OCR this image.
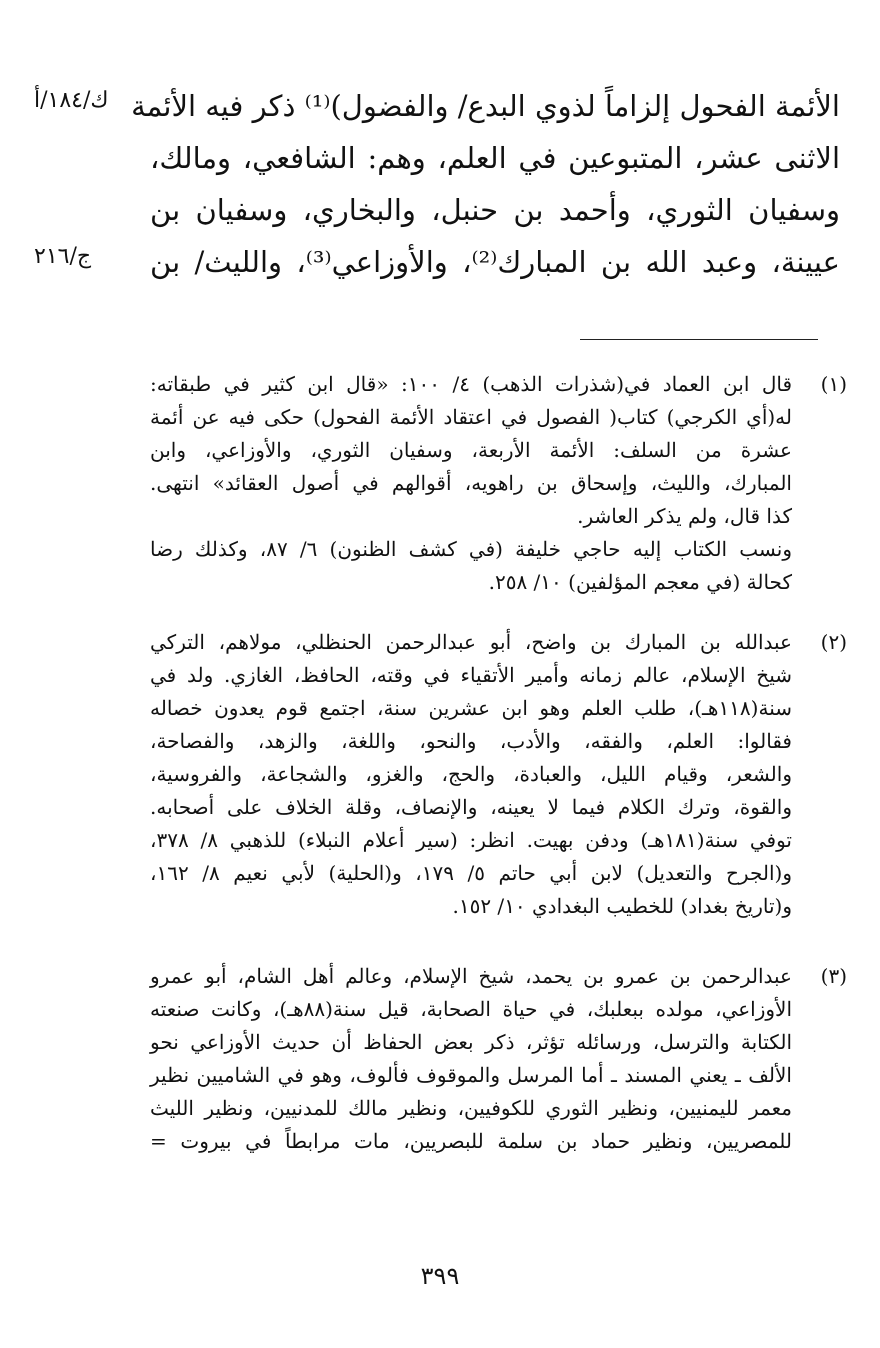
ك/١٨٤/أ
ج/٢١٦
الأئمة الفحول إلزاماً لذوي البدع/ والفضول)⁽¹⁾ ذكر فيه الأئمة
الاثنى عشر، المتبوعين في العلم، وهم: الشافعي، ومالك،
وسفيان الثوري، وأحمد بن حنبل، والبخاري، وسفيان بن
عيينة، وعبد الله بن المبارك⁽²⁾، والأوزاعي⁽³⁾، والليث/ بن
(١)
قال ابن العماد في(شذرات الذهب) ٤/ ١٠٠: «قال ابن كثير في طبقاته:
له(أي الكرجي) كتاب( الفصول في اعتقاد الأئمة الفحول) حكى فيه عن أئمة
عشرة من السلف: الأئمة الأربعة، وسفيان الثوري، والأوزاعي، وابن
المبارك، والليث، وإسحاق بن راهويه، أقوالهم في أصول العقائد» انتهى.
كذا قال، ولم يذكر العاشر.
ونسب الكتاب إليه حاجي خليفة (في كشف الظنون) ٦/ ٨٧، وكذلك رضا
كحالة (في معجم المؤلفين) ١٠/ ٢٥٨.
(٢)
عبدالله بن المبارك بن واضح، أبو عبدالرحمن الحنظلي، مولاهم، التركي
شيخ الإسلام، عالم زمانه وأمير الأتقياء في وقته، الحافظ، الغازي. ولد في
سنة(١١٨هـ)، طلب العلم وهو ابن عشرين سنة، اجتمع قوم يعدون خصاله
فقالوا: العلم، والفقه، والأدب، والنحو، واللغة، والزهد، والفصاحة،
والشعر، وقيام الليل، والعبادة، والحج، والغزو، والشجاعة، والفروسية،
والقوة، وترك الكلام فيما لا يعينه، والإنصاف، وقلة الخلاف على أصحابه.
توفي سنة(١٨١هـ) ودفن بهيت. انظر: (سير أعلام النبلاء) للذهبي ٨/ ٣٧٨،
و(الجرح والتعديل) لابن أبي حاتم ٥/ ١٧٩، و(الحلية) لأبي نعيم ٨/ ١٦٢،
و(تاريخ بغداد) للخطيب البغدادي ١٠/ ١٥٢.
(٣)
عبدالرحمن بن عمرو بن يحمد، شيخ الإسلام، وعالم أهل الشام، أبو عمرو
الأوزاعي، مولده ببعلبك، في حياة الصحابة، قيل سنة(٨٨هـ)، وكانت صنعته
الكتابة والترسل، ورسائله تؤثر، ذكر بعض الحفاظ أن حديث الأوزاعي نحو
الألف ـ يعني المسند ـ أما المرسل والموقوف فألوف، وهو في الشاميين نظير
معمر لليمنيين، ونظير الثوري للكوفيين، ونظير مالك للمدنيين، ونظير الليث
للمصريين، ونظير حماد بن سلمة للبصريين، مات مرابطاً في بيروت =
٣٩٩
